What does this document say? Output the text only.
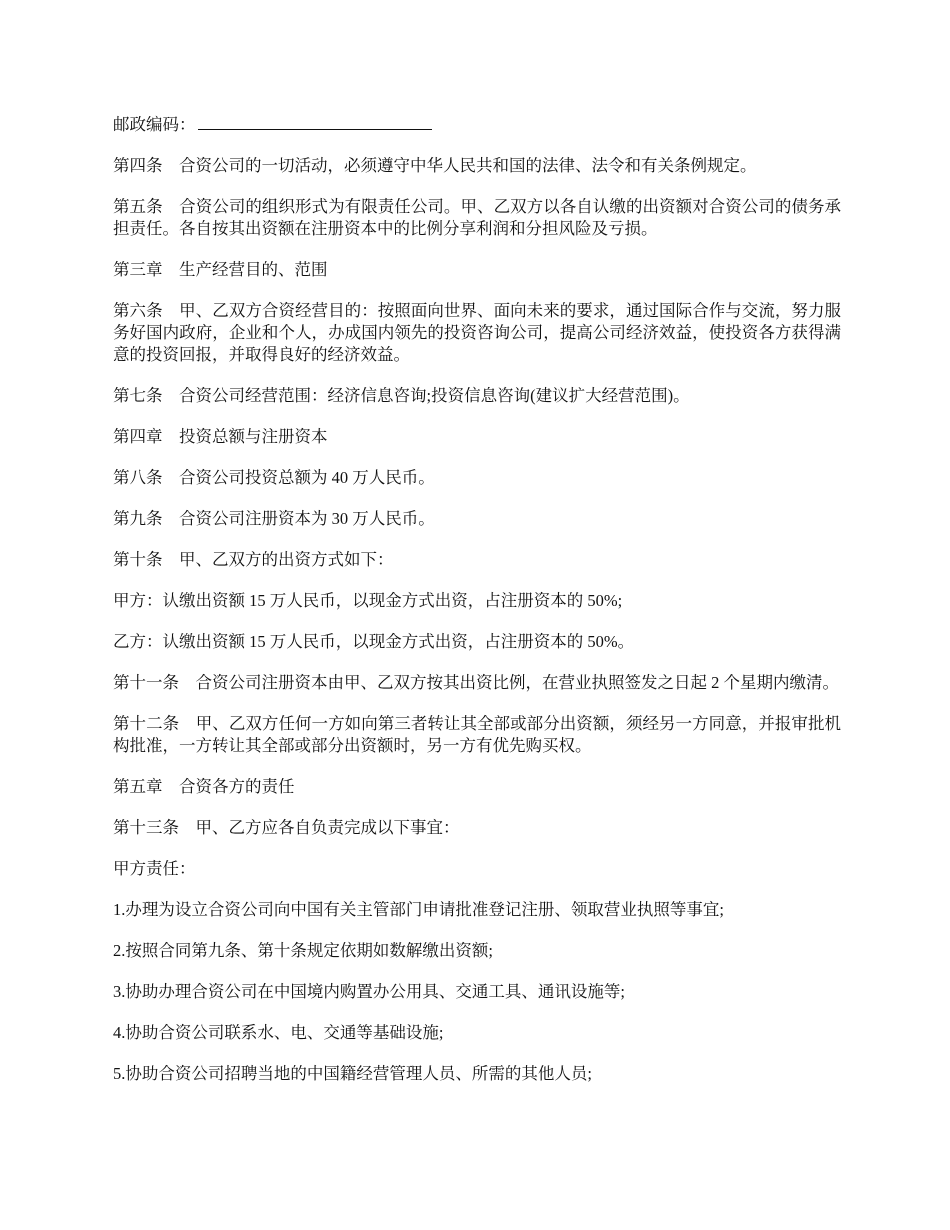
邮政编码：

第四条　合资公司的一切活动，必须遵守中华人民共和国的法律、法令和有关条例规定。

第五条　合资公司的组织形式为有限责任公司。甲、乙双方以各自认缴的出资额对合资公司的债务承担责任。各自按其出资额在注册资本中的比例分享利润和分担风险及亏损。

第三章　生产经营目的、范围

第六条　甲、乙双方合资经营目的：按照面向世界、面向未来的要求，通过国际合作与交流，努力服务好国内政府，企业和个人，办成国内领先的投资咨询公司，提高公司经济效益，使投资各方获得满意的投资回报，并取得良好的经济效益。

第七条　合资公司经营范围：经济信息咨询;投资信息咨询(建议扩大经营范围)。

第四章　投资总额与注册资本

第八条　合资公司投资总额为 40 万人民币。

第九条　合资公司注册资本为 30 万人民币。

第十条　甲、乙双方的出资方式如下：

甲方：认缴出资额 15 万人民币，以现金方式出资，占注册资本的 50%;

乙方：认缴出资额 15 万人民币，以现金方式出资，占注册资本的 50%。

第十一条　合资公司注册资本由甲、乙双方按其出资比例，在营业执照签发之日起 2 个星期内缴清。

第十二条　甲、乙双方任何一方如向第三者转让其全部或部分出资额，须经另一方同意，并报审批机构批准，一方转让其全部或部分出资额时，另一方有优先购买权。

第五章　合资各方的责任

第十三条　甲、乙方应各自负责完成以下事宜：

甲方责任：

1.办理为设立合资公司向中国有关主管部门申请批准登记注册、领取营业执照等事宜;

2.按照合同第九条、第十条规定依期如数解缴出资额;

3.协助办理合资公司在中国境内购置办公用具、交通工具、通讯设施等;

4.协助合资公司联系水、电、交通等基础设施;

5.协助合资公司招聘当地的中国籍经营管理人员、所需的其他人员;
